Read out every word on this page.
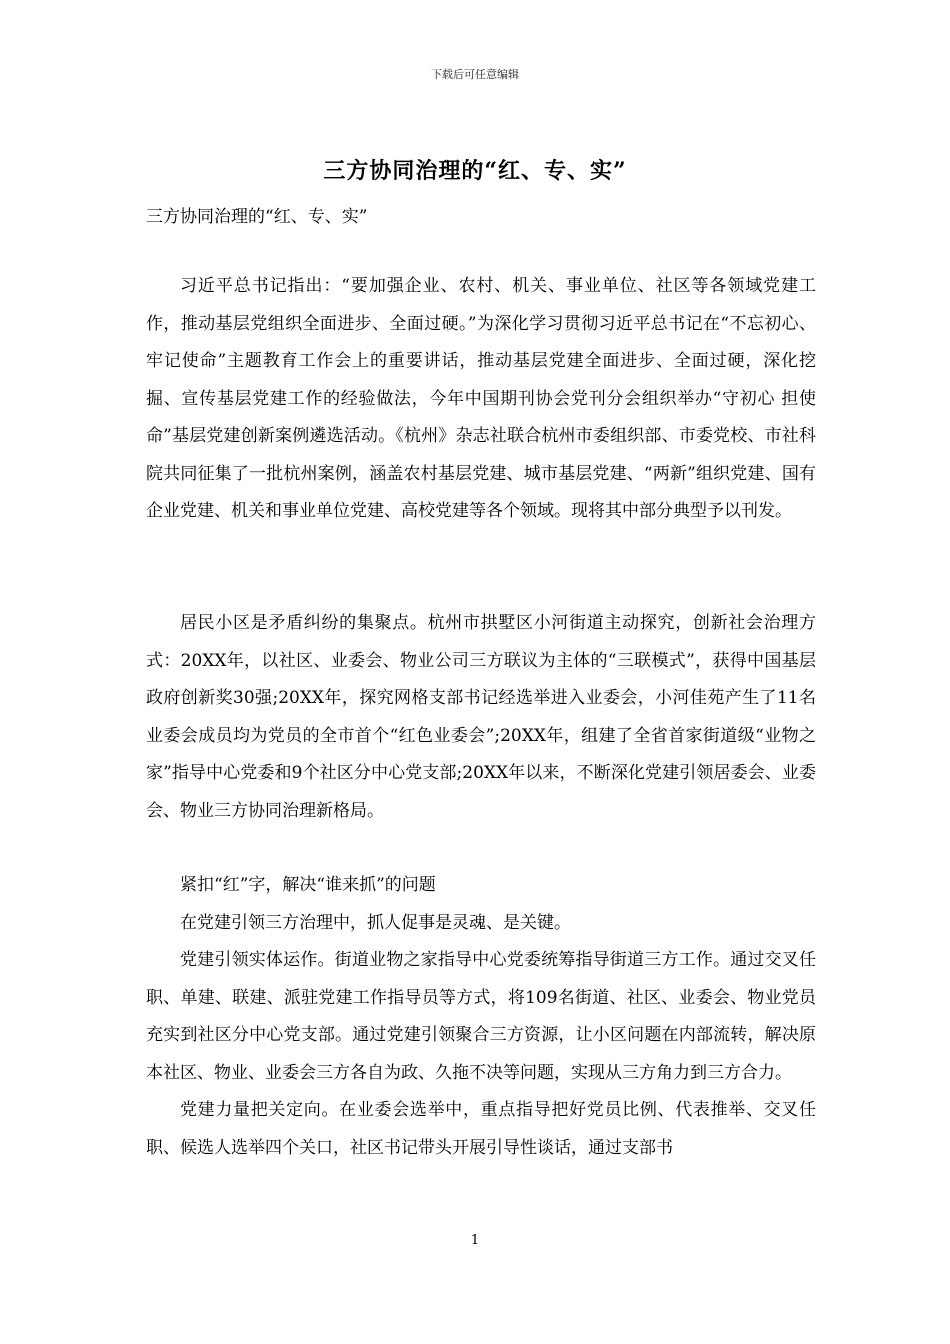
下载后可任意编辑
三方协同治理的“红、专、实”
三方协同治理的“红、专、实”

习近平总书记指出：“要加强企业、农村、机关、事业单位、社区等各领域党建工作，推动基层党组织全面进步、全面过硬。”为深化学习贯彻习近平总书记在“不忘初心、牢记使命”主题教育工作会上的重要讲话，推动基层党建全面进步、全面过硬，深化挖掘、宣传基层党建工作的经验做法，今年中国期刊协会党刊分会组织举办“守初心 担使命”基层党建创新案例遴选活动。《杭州》杂志社联合杭州市委组织部、市委党校、市社科院共同征集了一批杭州案例，涵盖农村基层党建、城市基层党建、“两新”组织党建、国有企业党建、机关和事业单位党建、高校党建等各个领域。现将其中部分典型予以刊发。

居民小区是矛盾纠纷的集聚点。杭州市拱墅区小河街道主动探究，创新社会治理方式：20XX年，以社区、业委会、物业公司三方联议为主体的“三联模式”，获得中国基层政府创新奖30强;20XX年，探究网格支部书记经选举进入业委会，小河佳苑产生了11名业委会成员均为党员的全市首个“红色业委会”;20XX年，组建了全省首家街道级“业物之家”指导中心党委和9个社区分中心党支部;20XX年以来，不断深化党建引领居委会、业委会、物业三方协同治理新格局。

紧扣“红”字，解决“谁来抓”的问题

在党建引领三方治理中，抓人促事是灵魂、是关键。

党建引领实体运作。街道业物之家指导中心党委统筹指导街道三方工作。通过交叉任职、单建、联建、派驻党建工作指导员等方式，将109名街道、社区、业委会、物业党员充实到社区分中心党支部。通过党建引领聚合三方资源，让小区问题在内部流转，解决原本社区、物业、业委会三方各自为政、久拖不决等问题，实现从三方角力到三方合力。

党建力量把关定向。在业委会选举中，重点指导把好党员比例、代表推举、交叉任职、候选人选举四个关口，社区书记带头开展引导性谈话，通过支部书

1
